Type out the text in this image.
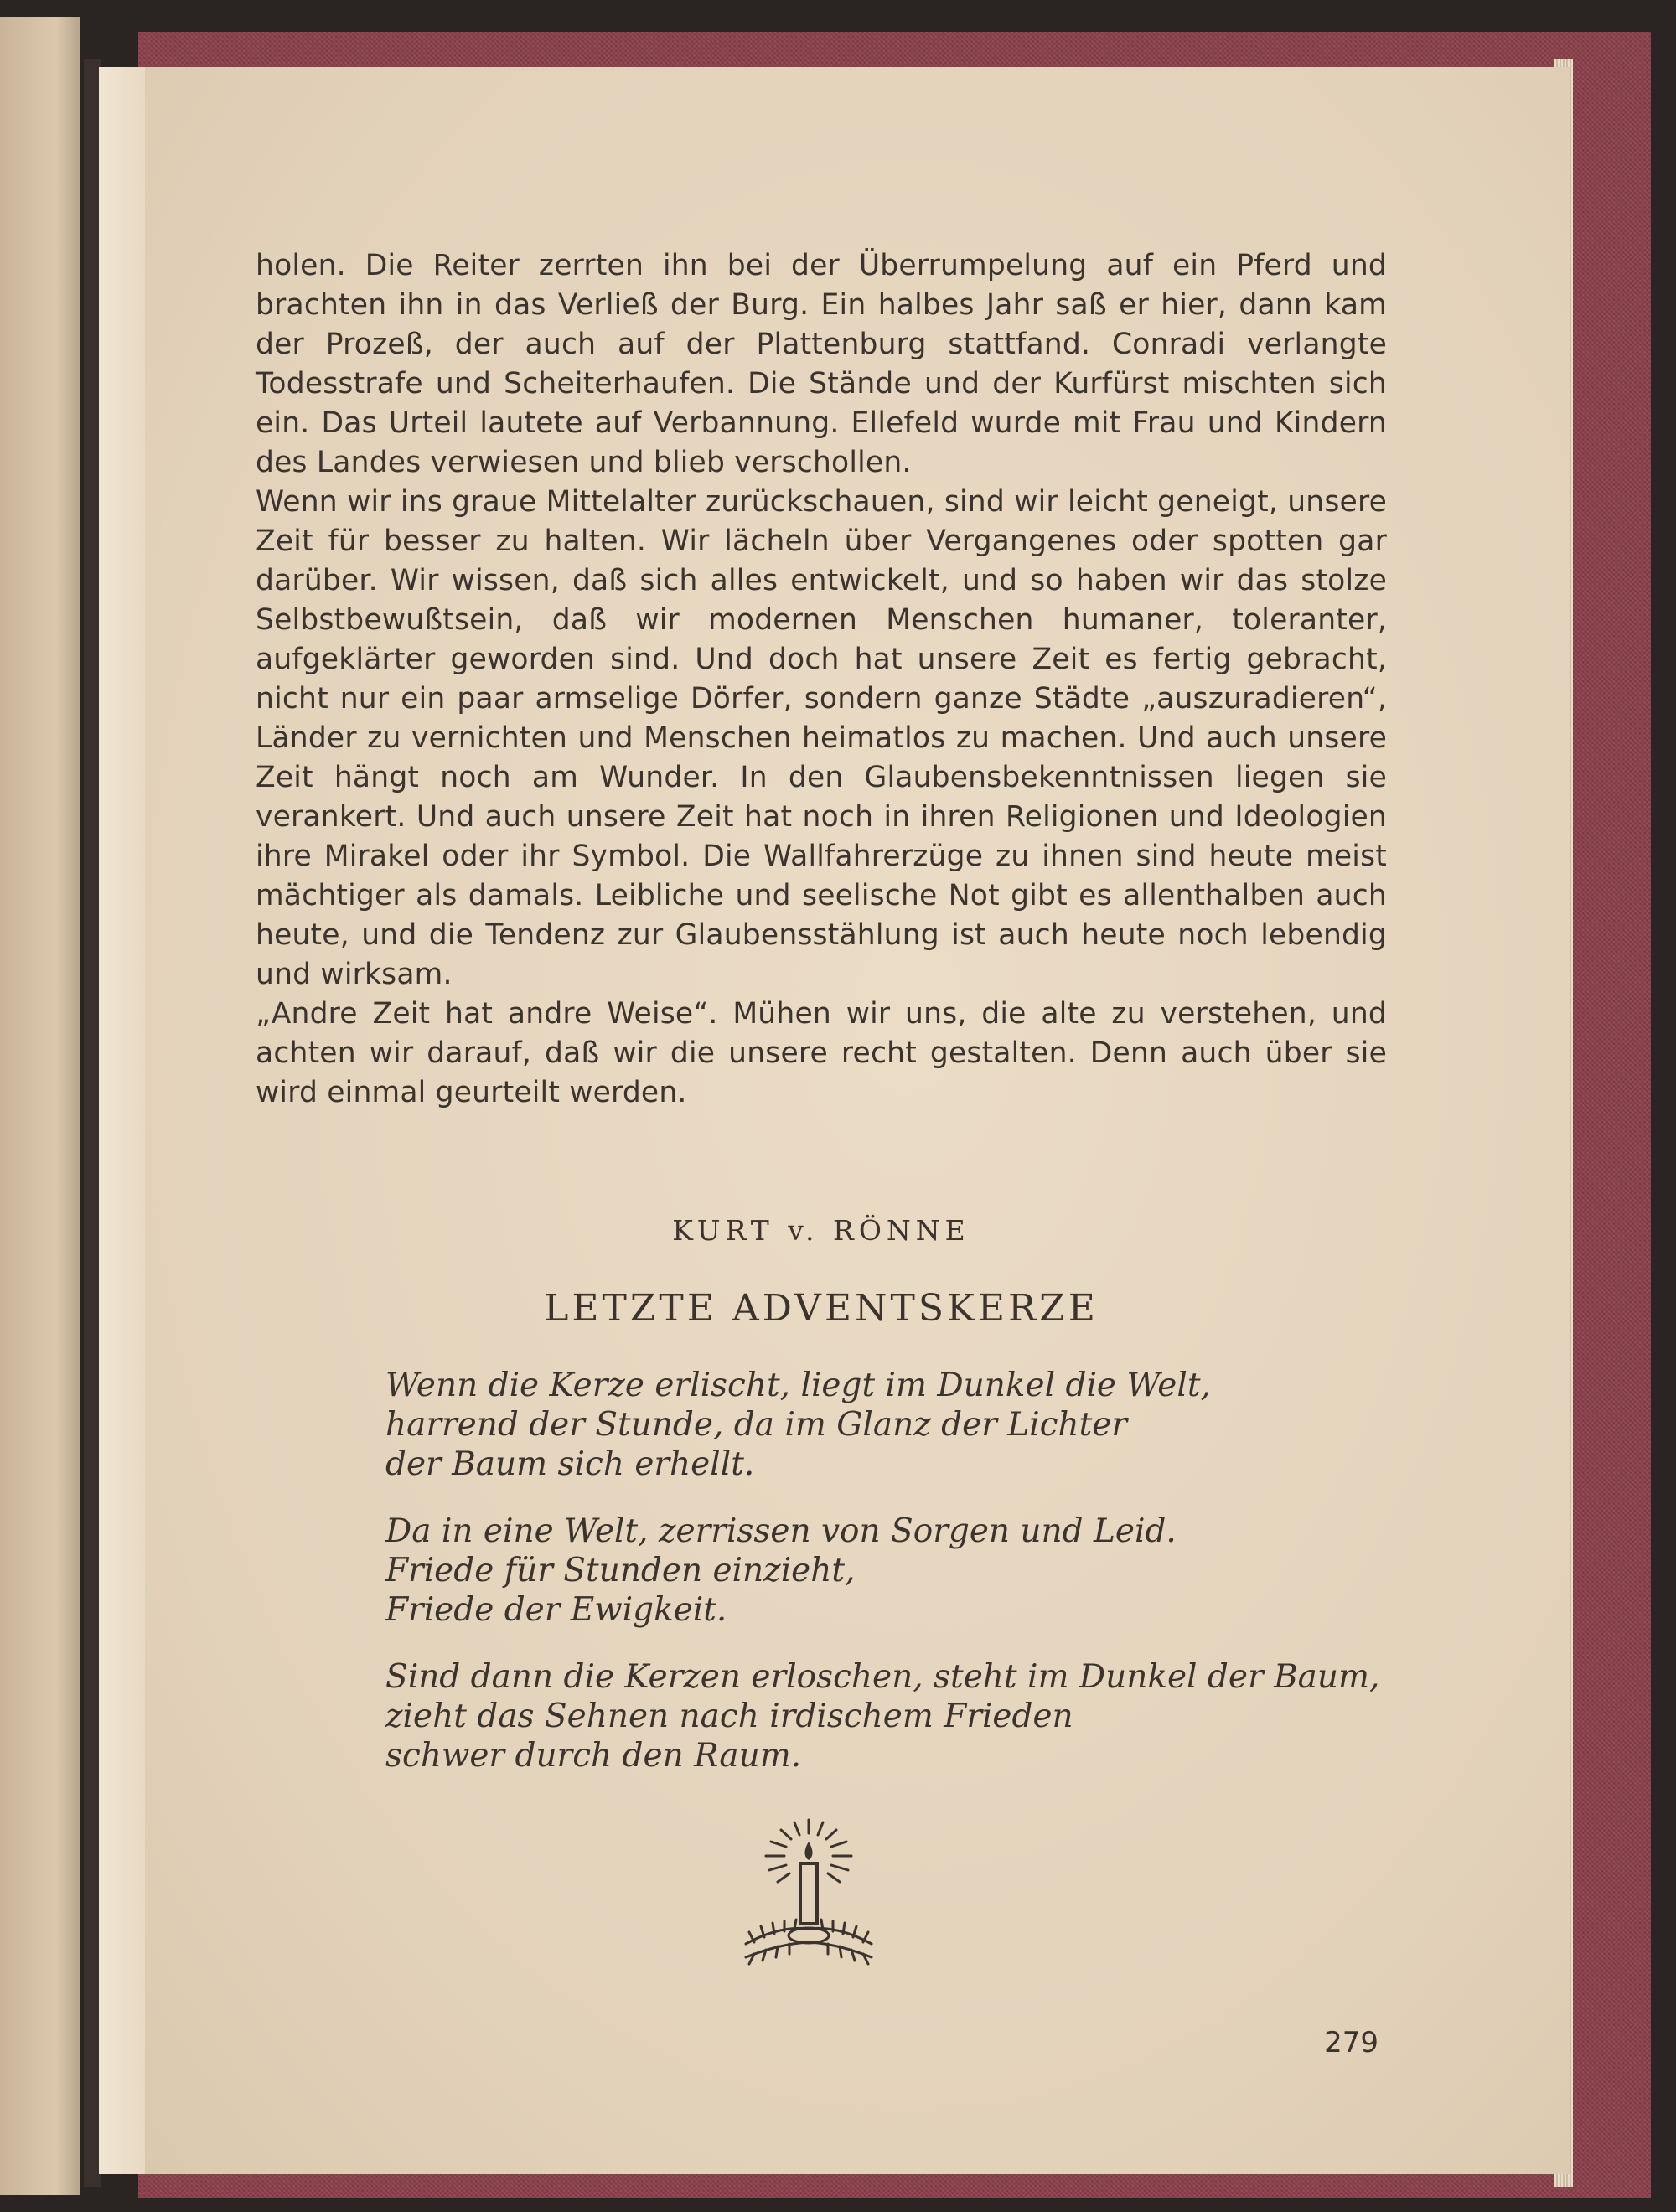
holen. Die Reiter zerrten ihn bei der Überrumpelung auf ein Pferd und brachten ihn in das Verließ der Burg. Ein halbes Jahr saß er hier, dann kam der Prozeß, der auch auf der Plattenburg stattfand. Conradi verlangte Todesstrafe und Scheiterhaufen. Die Stände und der Kurfürst mischten sich ein. Das Urteil lautete auf Verbannung. Ellefeld wurde mit Frau und Kindern des Landes verwiesen und blieb verschollen.

Wenn wir ins graue Mittelalter zurückschauen, sind wir leicht geneigt, unsere Zeit für besser zu halten. Wir lächeln über Vergangenes oder spotten gar darüber. Wir wissen, daß sich alles entwickelt, und so haben wir das stolze Selbstbewußtsein, daß wir modernen Menschen humaner, toleranter, aufgeklärter geworden sind. Und doch hat unsere Zeit es fertig gebracht, nicht nur ein paar armselige Dörfer, sondern ganze Städte „auszuradieren“, Länder zu vernichten und Menschen heimatlos zu machen. Und auch unsere Zeit hängt noch am Wunder. In den Glaubensbekenntnissen liegen sie verankert. Und auch unsere Zeit hat noch in ihren Religionen und Ideologien ihre Mirakel oder ihr Symbol. Die Wallfahrerzüge zu ihnen sind heute meist mächtiger als damals. Leibliche und seelische Not gibt es allenthalben auch heute, und die Tendenz zur Glaubensstählung ist auch heute noch lebendig und wirksam.

„Andre Zeit hat andre Weise“. Mühen wir uns, die alte zu verstehen, und achten wir darauf, daß wir die unsere recht gestalten. Denn auch über sie wird einmal geurteilt werden.

KURT v. RÖNNE
LETZTE ADVENTSKERZE
Wenn die Kerze erlischt, liegt im Dunkel die Welt,
harrend der Stunde, da im Glanz der Lichter
der Baum sich erhellt.
Da in eine Welt, zerrissen von Sorgen und Leid.
Friede für Stunden einzieht,
Friede der Ewigkeit.
Sind dann die Kerzen erloschen, steht im Dunkel der Baum,
zieht das Sehnen nach irdischem Frieden
schwer durch den Raum.
279
